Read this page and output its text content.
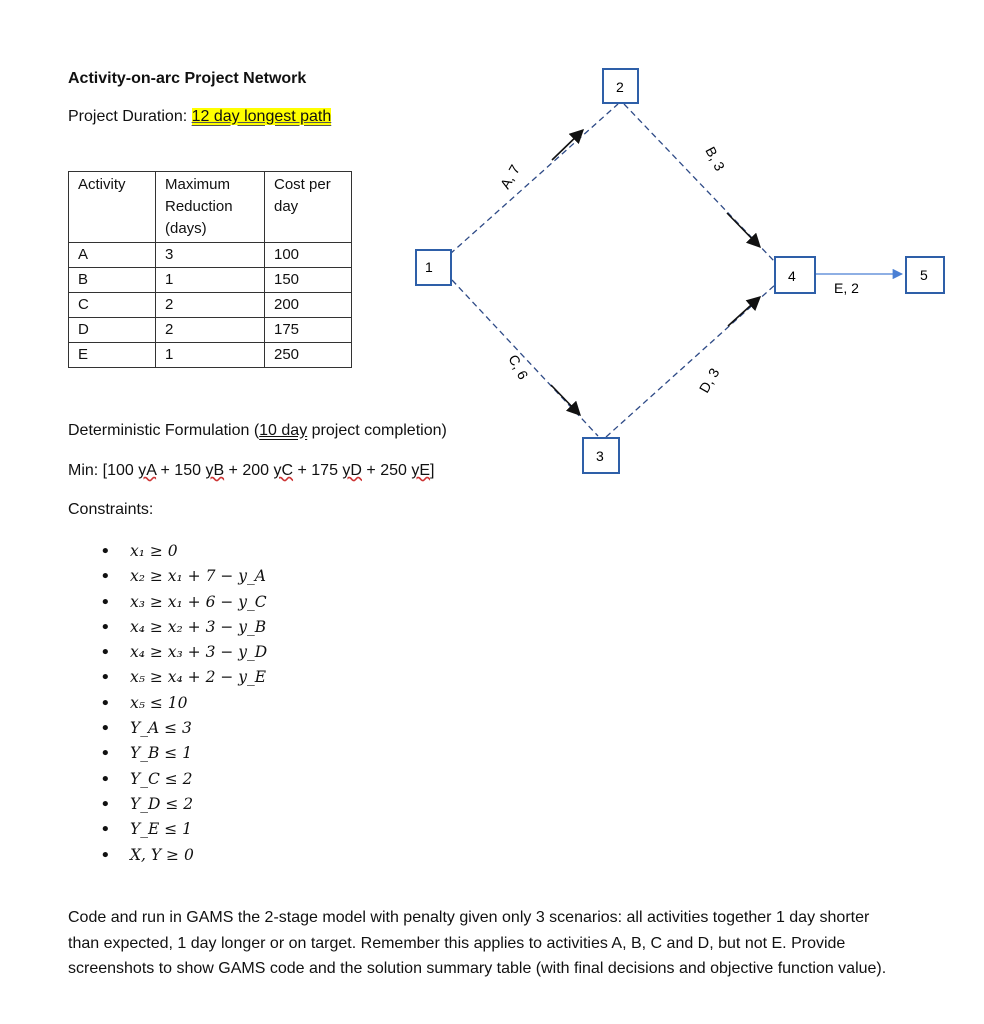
Activity-on-arc Project Network
Project Duration: 12 day longest path
Activity	Maximum Reduction (days)	Cost per day
A	3	100
B	1	150
C	2	200
D	2	175
E	1	250
1
2
3
4	5
A, 7
B, 3
C, 6	D, 3
E, 2
Deterministic Formulation (10 day project completion)
Min: [100 yA + 150 yB + 200 yC + 175 yD + 250 yE]
Constraints:
• x₁ ≥ 0
• x₂ ≥ x₁ + 7 − y_A
• x₃ ≥ x₁ + 6 − y_C
• x₄ ≥ x₂ + 3 − y_B
• x₄ ≥ x₃ + 3 − y_D
• x₅ ≥ x₄ + 2 − y_E
• x₅ ≤ 10
• Y_A ≤ 3
• Y_B ≤ 1
• Y_C ≤ 2
• Y_D ≤ 2
• Y_E ≤ 1
• X, Y ≥ 0
Code and run in GAMS the 2-stage model with penalty given only 3 scenarios: all activities together 1 day shorter than expected, 1 day longer or on target. Remember this applies to activities A, B, C and D, but not E. Provide screenshots to show GAMS code and the solution summary table (with final decisions and objective function value).
